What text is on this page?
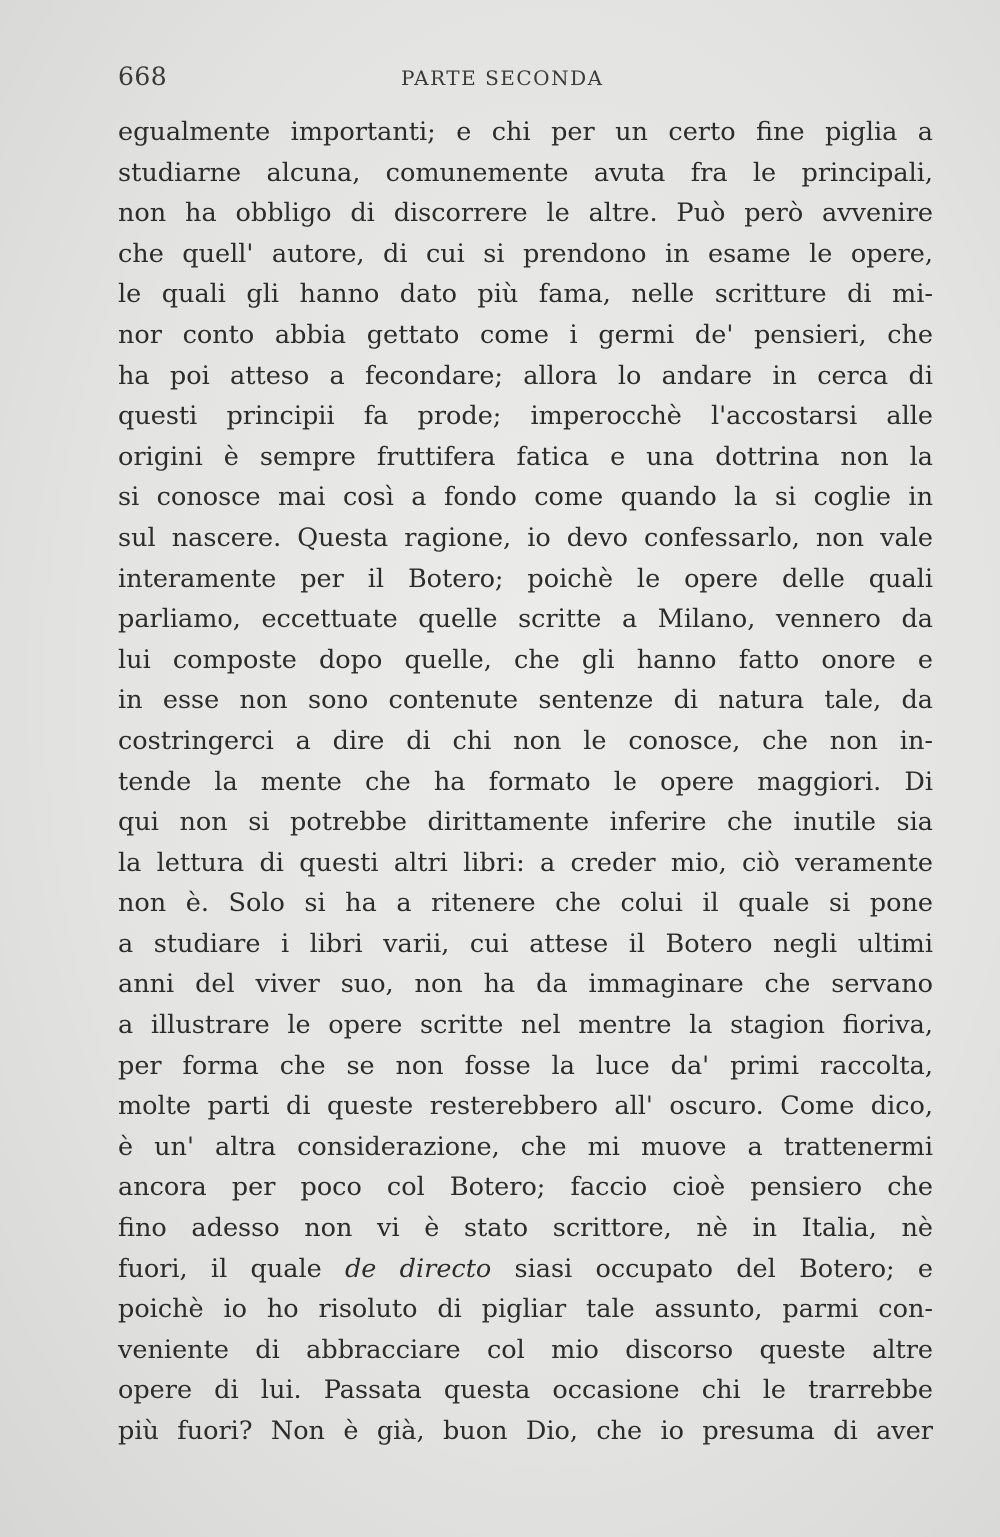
668	PARTE SECONDA
egualmente importanti; e chi per un certo fine piglia a
studiarne alcuna, comunemente avuta fra le principali,
non ha obbligo di discorrere le altre. Può però avvenire
che quell' autore, di cui si prendono in esame le opere,
le quali gli hanno dato più fama, nelle scritture di mi-
nor conto abbia gettato come i germi de' pensieri, che
ha poi atteso a fecondare; allora lo andare in cerca di
questi principii fa prode; imperocchè l'accostarsi alle
origini è sempre fruttifera fatica e una dottrina non la
si conosce mai così a fondo come quando la si coglie in
sul nascere. Questa ragione, io devo confessarlo, non vale
interamente per il Botero; poichè le opere delle quali
parliamo, eccettuate quelle scritte a Milano, vennero da
lui composte dopo quelle, che gli hanno fatto onore e
in esse non sono contenute sentenze di natura tale, da
costringerci a dire di chi non le conosce, che non in-
tende la mente che ha formato le opere maggiori. Di
qui non si potrebbe dirittamente inferire che inutile sia
la lettura di questi altri libri: a creder mio, ciò veramente
non è. Solo si ha a ritenere che colui il quale si pone
a studiare i libri varii, cui attese il Botero negli ultimi
anni del viver suo, non ha da immaginare che servano
a illustrare le opere scritte nel mentre la stagion fioriva,
per forma che se non fosse la luce da' primi raccolta,
molte parti di queste resterebbero all' oscuro. Come dico,
è un' altra considerazione, che mi muove a trattenermi
ancora per poco col Botero; faccio cioè pensiero che
fino adesso non vi è stato scrittore, nè in Italia, nè
fuori, il quale de directo siasi occupato del Botero; e
poichè io ho risoluto di pigliar tale assunto, parmi con-
veniente di abbracciare col mio discorso queste altre
opere di lui. Passata questa occasione chi le trarrebbe
più fuori? Non è già, buon Dio, che io presuma di aver
